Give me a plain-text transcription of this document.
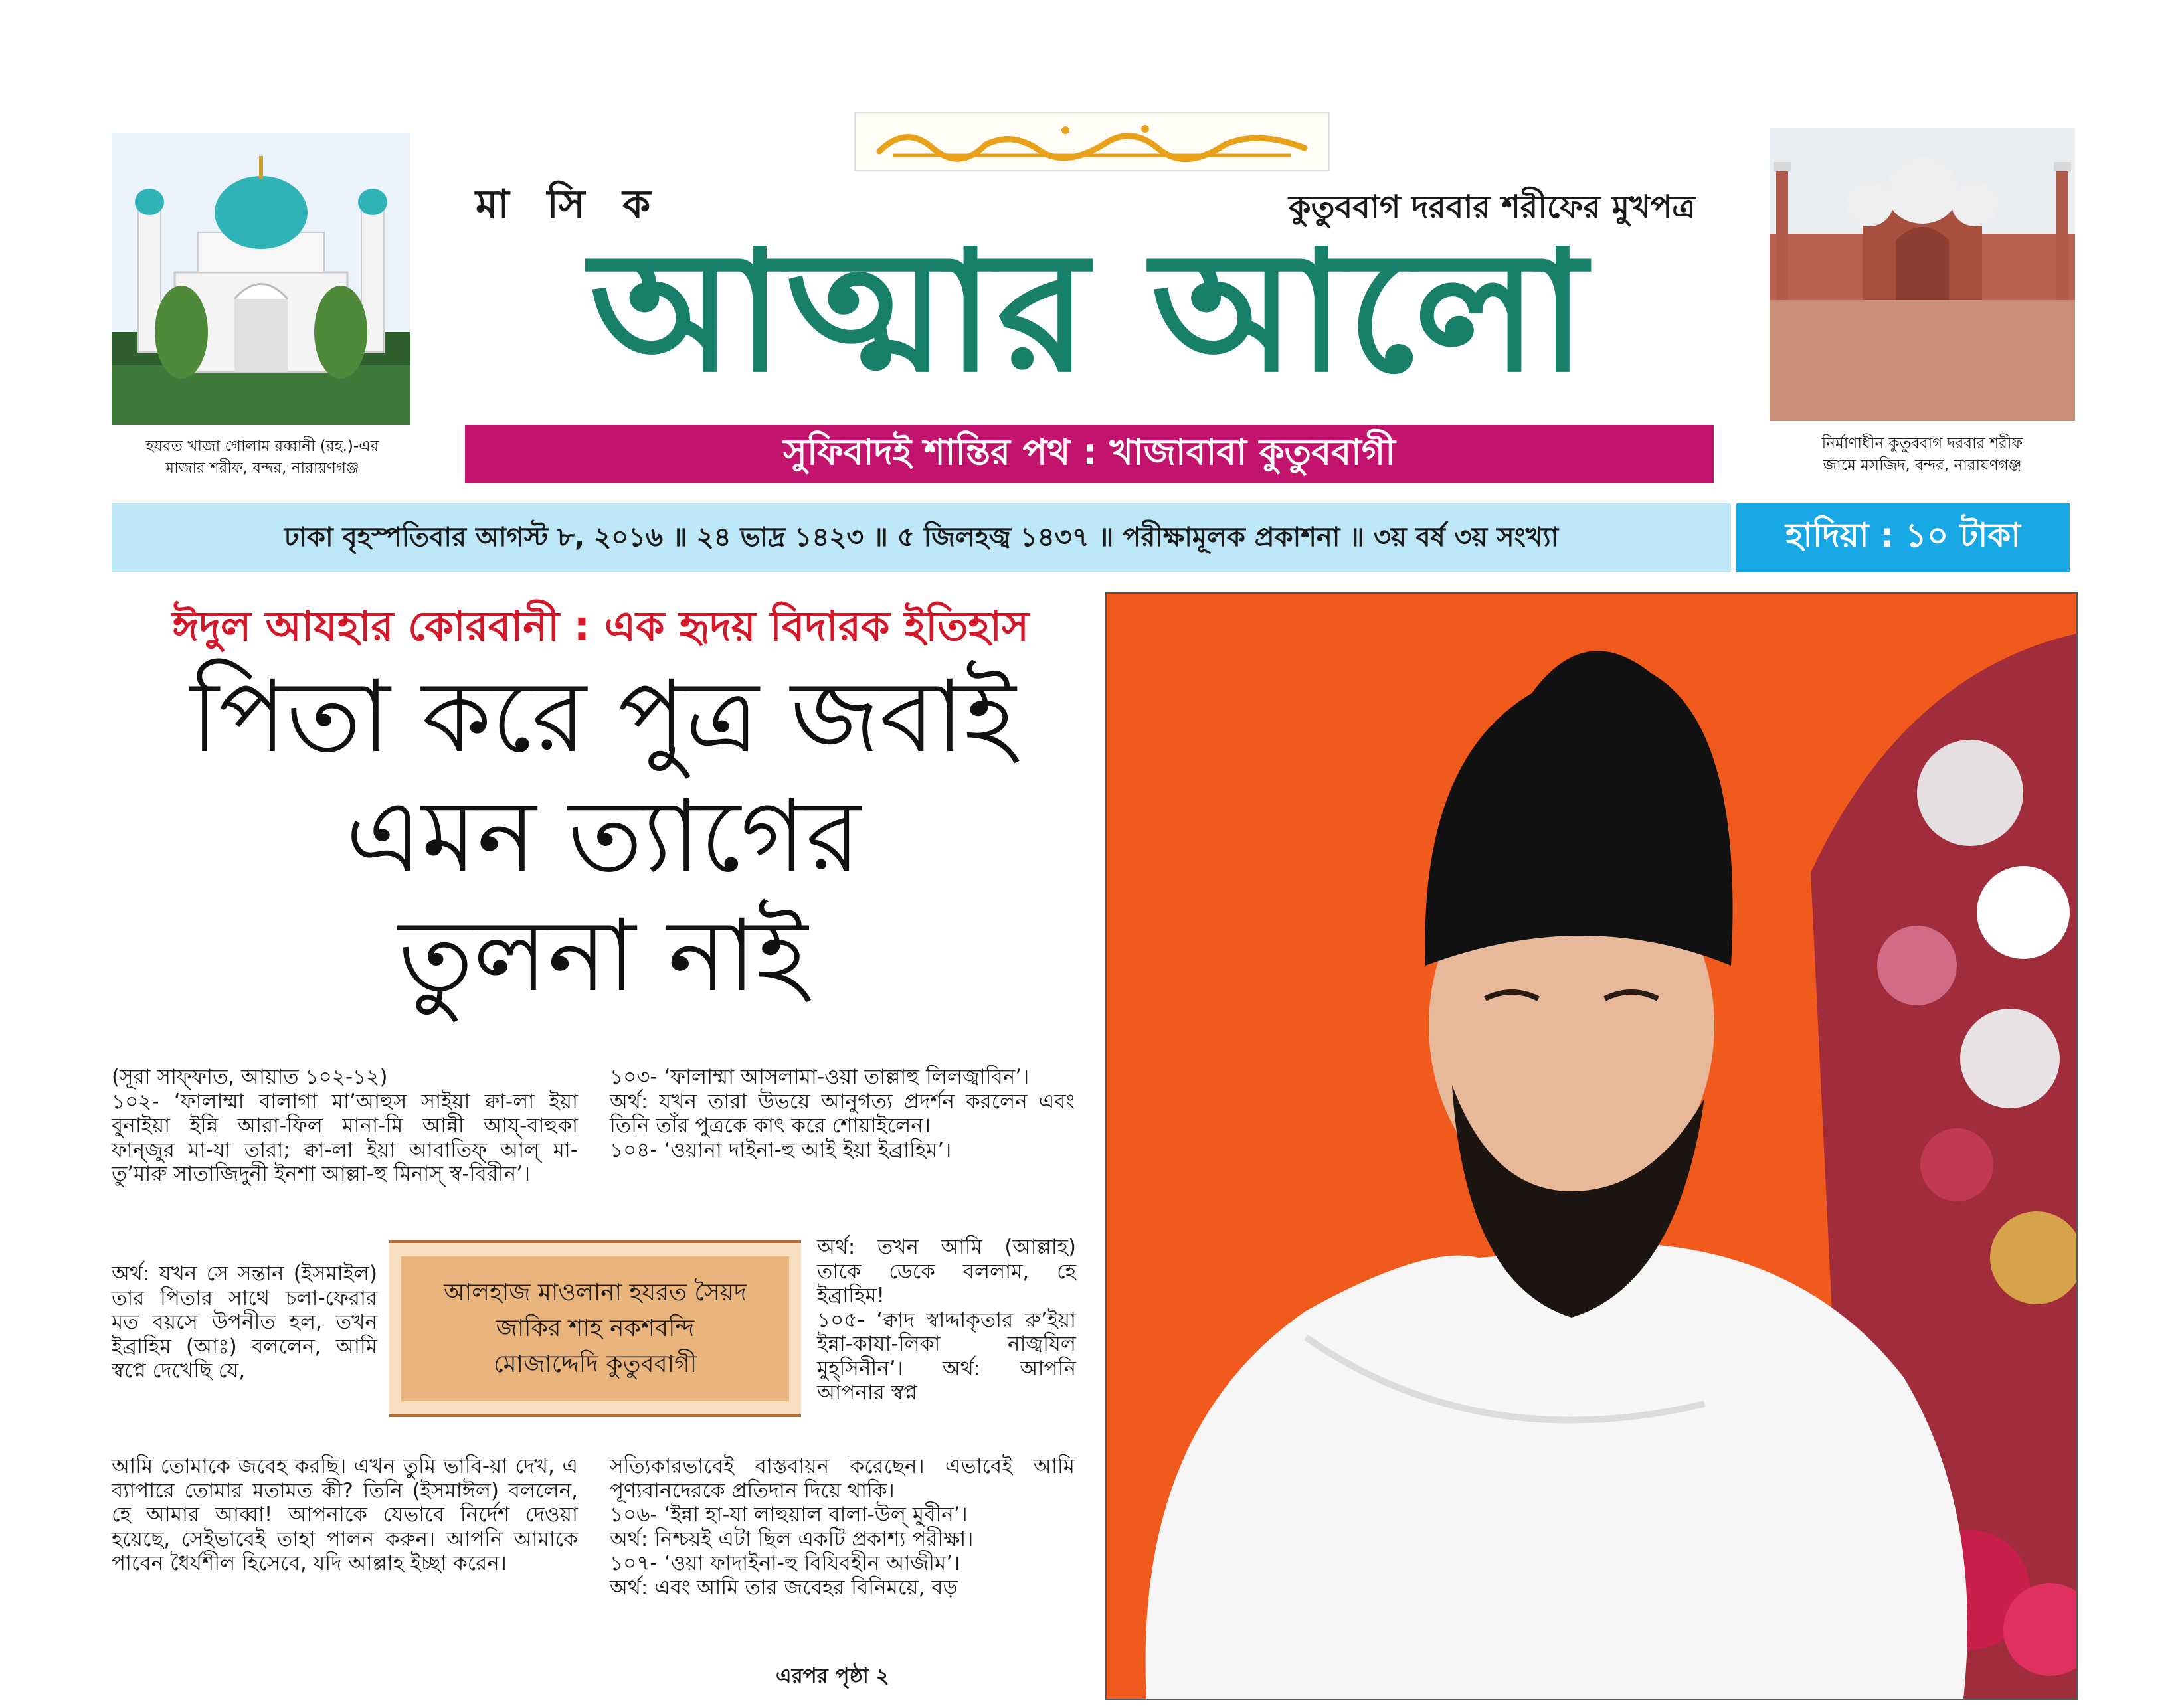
মা সি ক	কুতুববাগ দরবার শরীফের মুখপত্র
আত্মার আলো
সুফিবাদই শান্তির পথ : খাজাবাবা কুতুববাগী
হযরত খাজা গোলাম রব্বানী (রহ.)-এর
মাজার শরীফ, বন্দর, নারায়ণগঞ্জ
নির্মাণাধীন কুতুববাগ দরবার শরীফ
জামে মসজিদ, বন্দর, নারায়ণগঞ্জ
ঢাকা বৃহস্পতিবার আগস্ট ৮, ২০১৬ ॥ ২৪ ভাদ্র ১৪২৩ ॥ ৫ জিলহজ্ব ১৪৩৭ ॥ পরীক্ষামূলক প্রকাশনা ॥ ৩য় বর্ষ ৩য় সংখ্যা	হাদিয়া : ১০ টাকা
ঈদুল আযহার কোরবানী : এক হৃদয় বিদারক ইতিহাস
পিতা করে পুত্র জবাই
এমন ত্যাগের
তুলনা নাই

(সূরা সাফ্ফাত, আয়াত ১০২-১২)

১০২- ‘ফালাম্মা বালাগা মা’আহুস সাইয়া ক্বা-লা ইয়া বুনাইয়া ইন্নি আরা-ফিল মানা-মি আন্নী আয্-বাহুকা ফান্‌জুর মা-যা তারা; ক্বা-লা ইয়া আবাতিফ্ আল্ মা-তু’মারু সাতাজিদুনী ইনশা আল্লা-হু মিনাস্ স্ব-বিরীন’।

অর্থ: যখন সে সন্তান (ইসমাইল) তার পিতার সাথে চলা-ফেরার মত বয়সে উপনীত হল, তখন ইব্রাহিম (আঃ) বললেন, আমি স্বপ্নে দেখেছি যে,

আমি তোমাকে জবেহ করছি। এখন তুমি ভাবি-য়া দেখ, এ ব্যাপারে তোমার মতামত কী? তিনি (ইসমাঈল) বললেন, হে আমার আব্বা! আপনাকে যেভাবে নির্দেশ দেওয়া হয়েছে, সেইভাবেই তাহা পালন করুন। আপনি আমাকে পাবেন ধৈর্যশীল হিসেবে, যদি আল্লাহ ইচ্ছা করেন।

১০৩- ‘ফালাম্মা আসলামা-ওয়া তাল্লাহু লিলজ্বাবিন’।

অর্থ: যখন তারা উভয়ে আনুগত্য প্রদর্শন করলেন এবং তিনি তাঁর পুত্রকে কাৎ করে শোয়াইলেন।

১০৪- ‘ওয়ানা দাইনা-হু আই ইয়া ইব্রাহিম’।

অর্থ: তখন আমি (আল্লাহ) তাকে ডেকে বললাম, হে ইব্রাহিম!

১০৫- ‘ক্বাদ স্বাদ্দাকৃতার রু’ইয়া ইন্না-কাযা-লিকা নাজ্বযিল মুহ্‌সিনীন’। অর্থ: আপনি আপনার স্বপ্ন

সত্যিকারভাবেই বাস্তবায়ন করেছেন। এভাবেই আমি পূণ্যবানদেরকে প্রতিদান দিয়ে থাকি।

১০৬- ‘ইন্না হা-যা লাহুয়াল বালা-উল্ মুবীন’।

অর্থ: নিশ্চয়ই এটা ছিল একটি প্রকাশ্য পরীক্ষা।

১০৭- ‘ওয়া ফাদাইনা-হু বিযিবহীন আজীম’।

অর্থ: এবং আমি তার জবেহর বিনিময়ে, বড়

আলহাজ মাওলানা হযরত সৈয়দ
জাকির শাহ নকশবন্দি
মোজাদ্দেদি কুতুববাগী
এরপর পৃষ্ঠা ২
